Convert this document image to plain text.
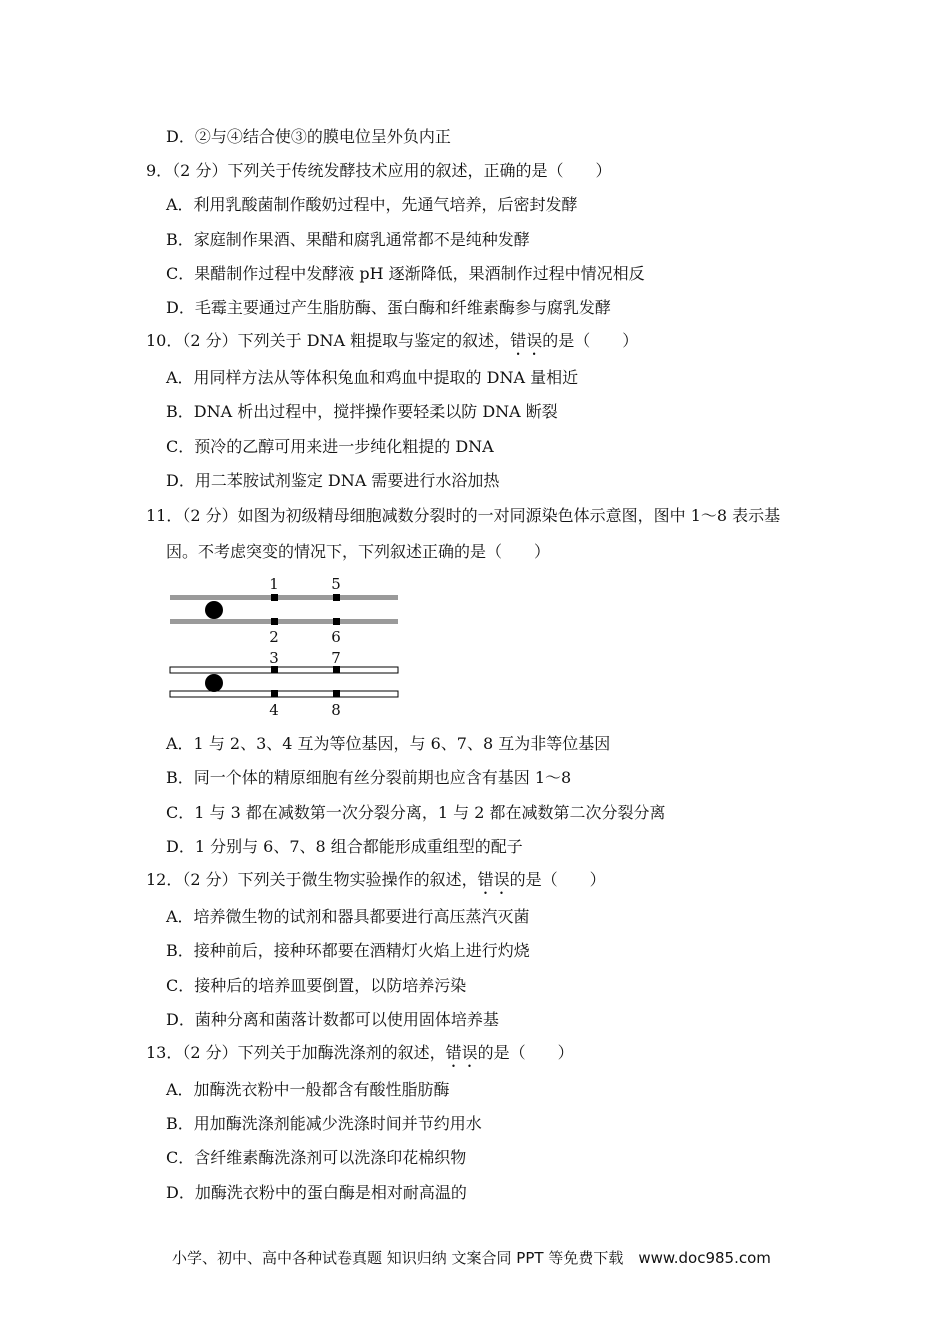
D．②与④结合使③的膜电位呈外负内正
9．（2 分）下列关于传统发酵技术应用的叙述，正确的是（　　）
A．利用乳酸菌制作酸奶过程中，先通气培养，后密封发酵
B．家庭制作果酒、果醋和腐乳通常都不是纯种发酵
C．果醋制作过程中发酵液 pH 逐渐降低，果酒制作过程中情况相反
D．毛霉主要通过产生脂肪酶、蛋白酶和纤维素酶参与腐乳发酵
10．（2 分）下列关于 DNA 粗提取与鉴定的叙述，错误的是（　　）
A．用同样方法从等体积兔血和鸡血中提取的 DNA 量相近
B．DNA 析出过程中，搅拌操作要轻柔以防 DNA 断裂
C．预冷的乙醇可用来进一步纯化粗提的 DNA
D．用二苯胺试剂鉴定 DNA 需要进行水浴加热
11．（2 分）如图为初级精母细胞减数分裂时的一对同源染色体示意图，图中 1～8 表示基
因。不考虑突变的情况下，下列叙述正确的是（　　）
1	5
2	6
3	7
4	8
A．1 与 2、3、4 互为等位基因，与 6、7、8 互为非等位基因
B．同一个体的精原细胞有丝分裂前期也应含有基因 1～8
C．1 与 3 都在减数第一次分裂分离，1 与 2 都在减数第二次分裂分离
D．1 分别与 6、7、8 组合都能形成重组型的配子
12．（2 分）下列关于微生物实验操作的叙述，错误的是（　　）
A．培养微生物的试剂和器具都要进行高压蒸汽灭菌
B．接种前后，接种环都要在酒精灯火焰上进行灼烧
C．接种后的培养皿要倒置，以防培养污染
D．菌种分离和菌落计数都可以使用固体培养基
13．（2 分）下列关于加酶洗涤剂的叙述，错误的是（　　）
A．加酶洗衣粉中一般都含有酸性脂肪酶
B．用加酶洗涤剂能减少洗涤时间并节约用水
C．含纤维素酶洗涤剂可以洗涤印花棉织物
D．加酶洗衣粉中的蛋白酶是相对耐高温的
小学、初中、高中各种试卷真题 知识归纳 文案合同 PPT 等免费下载　www.doc985.com
